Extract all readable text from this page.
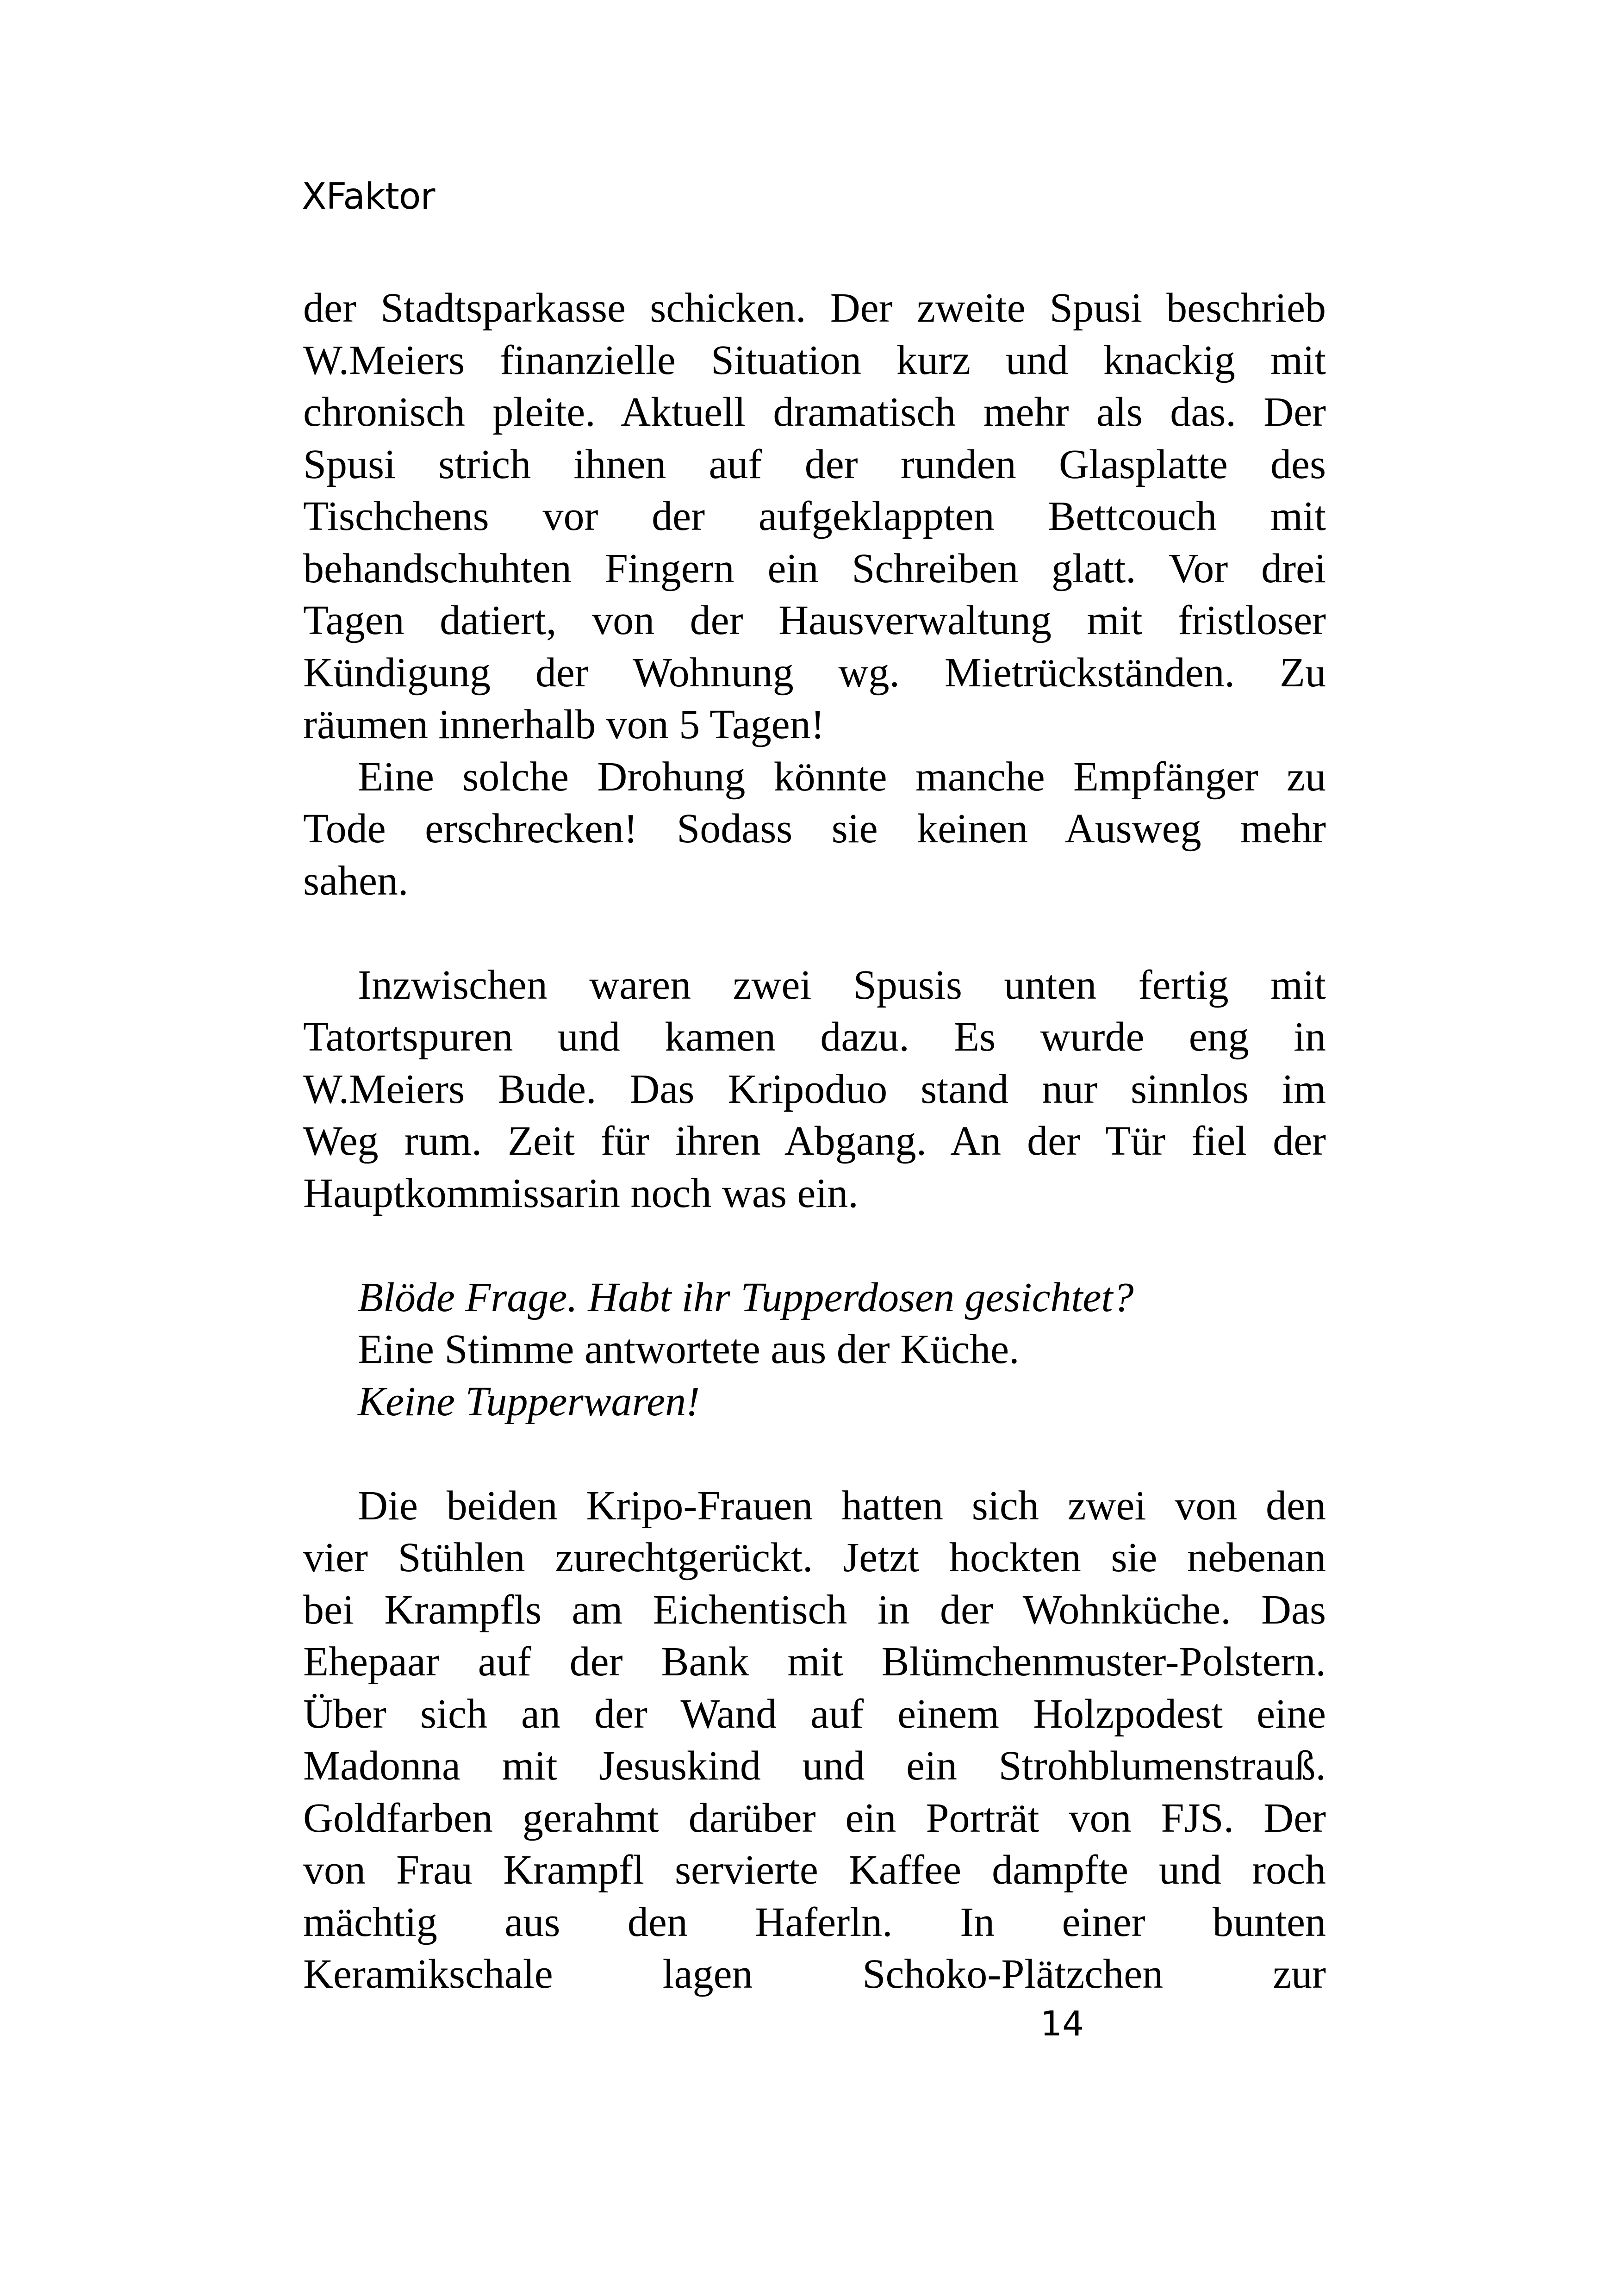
XFaktor
der Stadtsparkasse schicken. Der zweite Spusi beschrieb
W.Meiers finanzielle Situation kurz und knackig mit
chronisch pleite. Aktuell dramatisch mehr als das. Der
Spusi strich ihnen auf der runden Glasplatte des
Tischchens vor der aufgeklappten Bettcouch mit
behandschuhten Fingern ein Schreiben glatt. Vor drei
Tagen datiert, von der Hausverwaltung mit fristloser
Kündigung der Wohnung wg. Mietrückständen. Zu
räumen innerhalb von 5 Tagen!
Eine solche Drohung könnte manche Empfänger zu
Tode erschrecken! Sodass sie keinen Ausweg mehr
sahen.
Inzwischen waren zwei Spusis unten fertig mit
Tatortspuren und kamen dazu. Es wurde eng in
W.Meiers Bude. Das Kripoduo stand nur sinnlos im
Weg rum. Zeit für ihren Abgang. An der Tür fiel der
Hauptkommissarin noch was ein.
Blöde Frage. Habt ihr Tupperdosen gesichtet?
Eine Stimme antwortete aus der Küche.
Keine Tupperwaren!
Die beiden Kripo-Frauen hatten sich zwei von den
vier Stühlen zurechtgerückt. Jetzt hockten sie nebenan
bei Krampfls am Eichentisch in der Wohnküche. Das
Ehepaar auf der Bank mit Blümchenmuster-Polstern.
Über sich an der Wand auf einem Holzpodest eine
Madonna mit Jesuskind und ein Strohblumenstrauß.
Goldfarben gerahmt darüber ein Porträt von FJS. Der
von Frau Krampfl servierte Kaffee dampfte und roch
mächtig aus den Haferln. In einer bunten
Keramikschale lagen Schoko-Plätzchen zur
14
